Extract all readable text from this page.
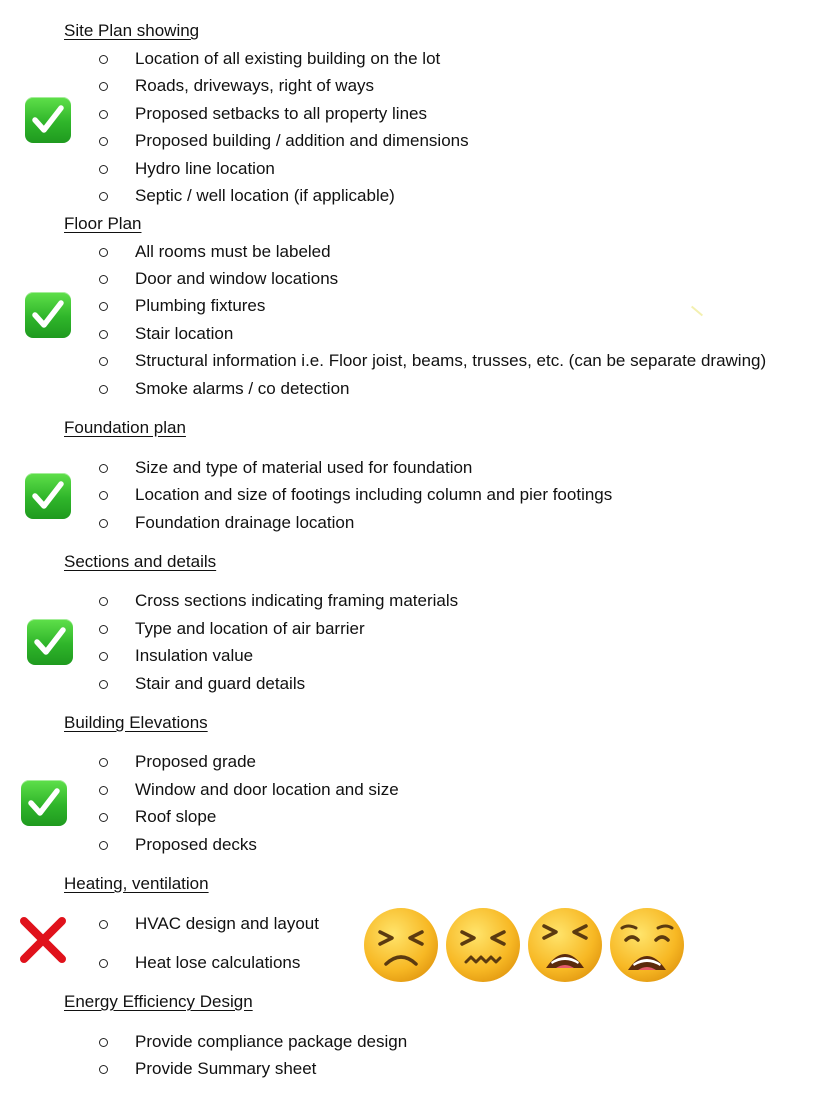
Site Plan showing
Location of all existing building on the lot
Roads, driveways, right of ways
Proposed setbacks to all property lines
Proposed building / addition and dimensions
Hydro line location
Septic / well location (if applicable)
Floor Plan
All rooms must be labeled
Door and window locations
Plumbing fixtures
Stair location
Structural information i.e. Floor joist, beams, trusses, etc. (can be separate drawing)
Smoke alarms / co detection
Foundation plan
Size and type of material used for foundation
Location and size of footings including column and pier footings
Foundation drainage location
Sections and details
Cross sections indicating framing materials
Type and location of air barrier
Insulation value
Stair and guard details
Building Elevations
Proposed grade
Window and door location and size
Roof slope
Proposed decks
Heating, ventilation
HVAC design and layout
Heat lose calculations
Energy Efficiency Design
Provide compliance package design
Provide Summary sheet
